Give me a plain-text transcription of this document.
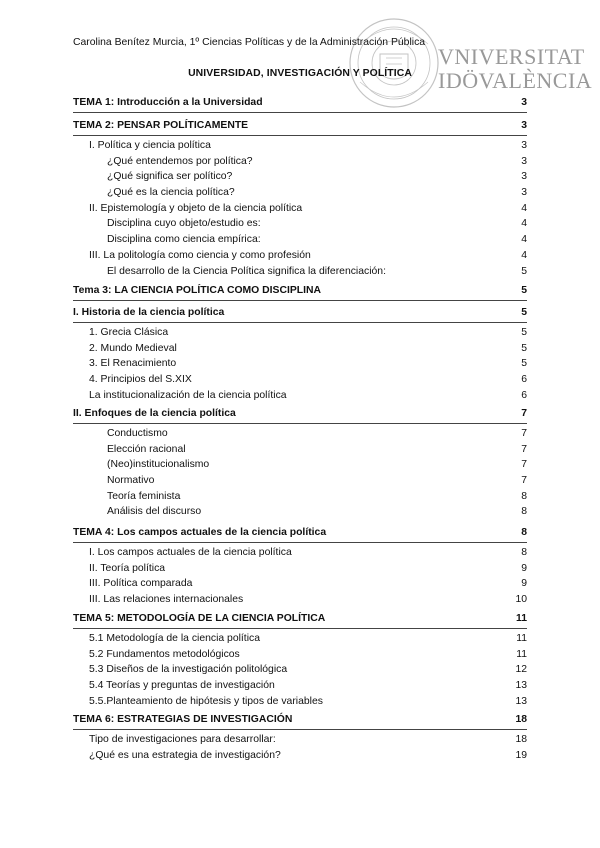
Carolina Benítez Murcia, 1º Ciencias Políticas y de la Administración Pública
VNIVERSITAT
IDÖVALÈNCIA
UNIVERSIDAD, INVESTIGACIÓN Y POLÍTICA
TEMA 1: Introducción a la Universidad	3
TEMA 2: PENSAR POLÍTICAMENTE	3
I. Política y ciencia política	3
¿Qué entendemos por política?	3
¿Qué significa ser político?	3
¿Qué es la ciencia política?	3
II. Epistemología y objeto de la ciencia política	4
Disciplina cuyo objeto/estudio es:	4
Disciplina como ciencia empírica:	4
III. La politología como ciencia y como profesión	4
El desarrollo de la Ciencia Política significa la diferenciación:	5
Tema 3: LA CIENCIA POLÍTICA COMO DISCIPLINA	5
I. Historia de la ciencia política	5
1. Grecia Clásica	5
2. Mundo Medieval	5
3. El Renacimiento	5
4. Principios del S.XIX	6
La institucionalización de la ciencia política	6
II. Enfoques de la ciencia política	7
Conductismo	7
Elección racional	7
(Neo)institucionalismo	7
Normativo	7
Teoría feminista	8
Análisis del discurso	8
TEMA 4: Los campos actuales de la ciencia política	8
I. Los campos actuales de la ciencia política	8
II. Teoría política	9
III. Política comparada	9
III. Las relaciones internacionales	10
TEMA 5: METODOLOGÍA DE LA CIENCIA POLÍTICA	11
5.1 Metodología de la ciencia política	11
5.2 Fundamentos metodológicos	11
5.3 Diseños de la investigación politológica	12
5.4 Teorías y preguntas de investigación	13
5.5.Planteamiento de hipótesis y tipos de variables	13
TEMA 6: ESTRATEGIAS DE INVESTIGACIÓN	18
Tipo de investigaciones para desarrollar:	18
¿Qué es una estrategia de investigación?	19
